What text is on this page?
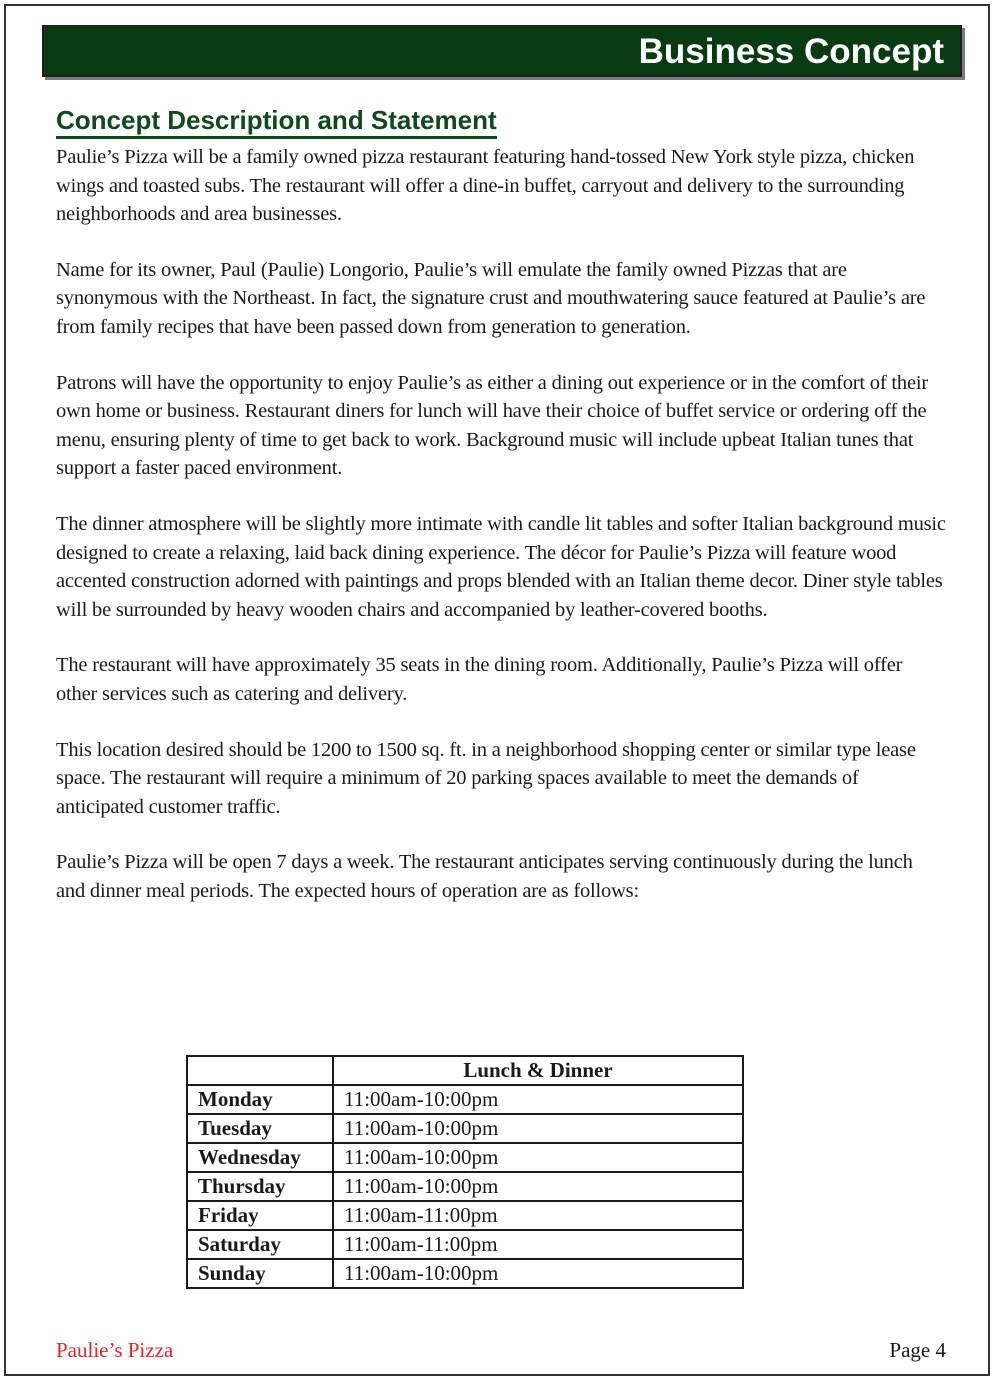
Business Concept
Concept Description and Statement

Paulie’s Pizza will be a family owned pizza restaurant featuring hand-tossed New York style pizza, chicken wings and toasted subs. The restaurant will offer a dine-in buffet, carryout and delivery to the surrounding neighborhoods and area businesses.

Name for its owner, Paul (Paulie) Longorio, Paulie’s will emulate the family owned Pizzas that are synonymous with the Northeast. In fact, the signature crust and mouthwatering sauce featured at Paulie’s are from family recipes that have been passed down from generation to generation.

Patrons will have the opportunity to enjoy Paulie’s as either a dining out experience or in the comfort of their own home or business. Restaurant diners for lunch will have their choice of buffet service or ordering off the menu, ensuring plenty of time to get back to work. Background music will include upbeat Italian tunes that support a faster paced environment.

The dinner atmosphere will be slightly more intimate with candle lit tables and softer Italian background music designed to create a relaxing, laid back dining experience. The décor for Paulie’s Pizza will feature wood accented construction adorned with paintings and props blended with an Italian theme decor. Diner style tables will be surrounded by heavy wooden chairs and accompanied by leather-covered booths.

The restaurant will have approximately 35 seats in the dining room. Additionally, Paulie’s Pizza will offer other services such as catering and delivery.

This location desired should be 1200 to 1500 sq. ft. in a neighborhood shopping center or similar type lease space. The restaurant will require a minimum of 20 parking spaces available to meet the demands of anticipated customer traffic.

Paulie’s Pizza will be open 7 days a week. The restaurant anticipates serving continuously during the lunch and dinner meal periods. The expected hours of operation are as follows:

	Lunch & Dinner
Monday	11:00am-10:00pm
Tuesday	11:00am-10:00pm
Wednesday	11:00am-10:00pm
Thursday	11:00am-10:00pm
Friday	11:00am-11:00pm
Saturday	11:00am-11:00pm
Sunday	11:00am-10:00pm
Paulie’s Pizza	Page 4
